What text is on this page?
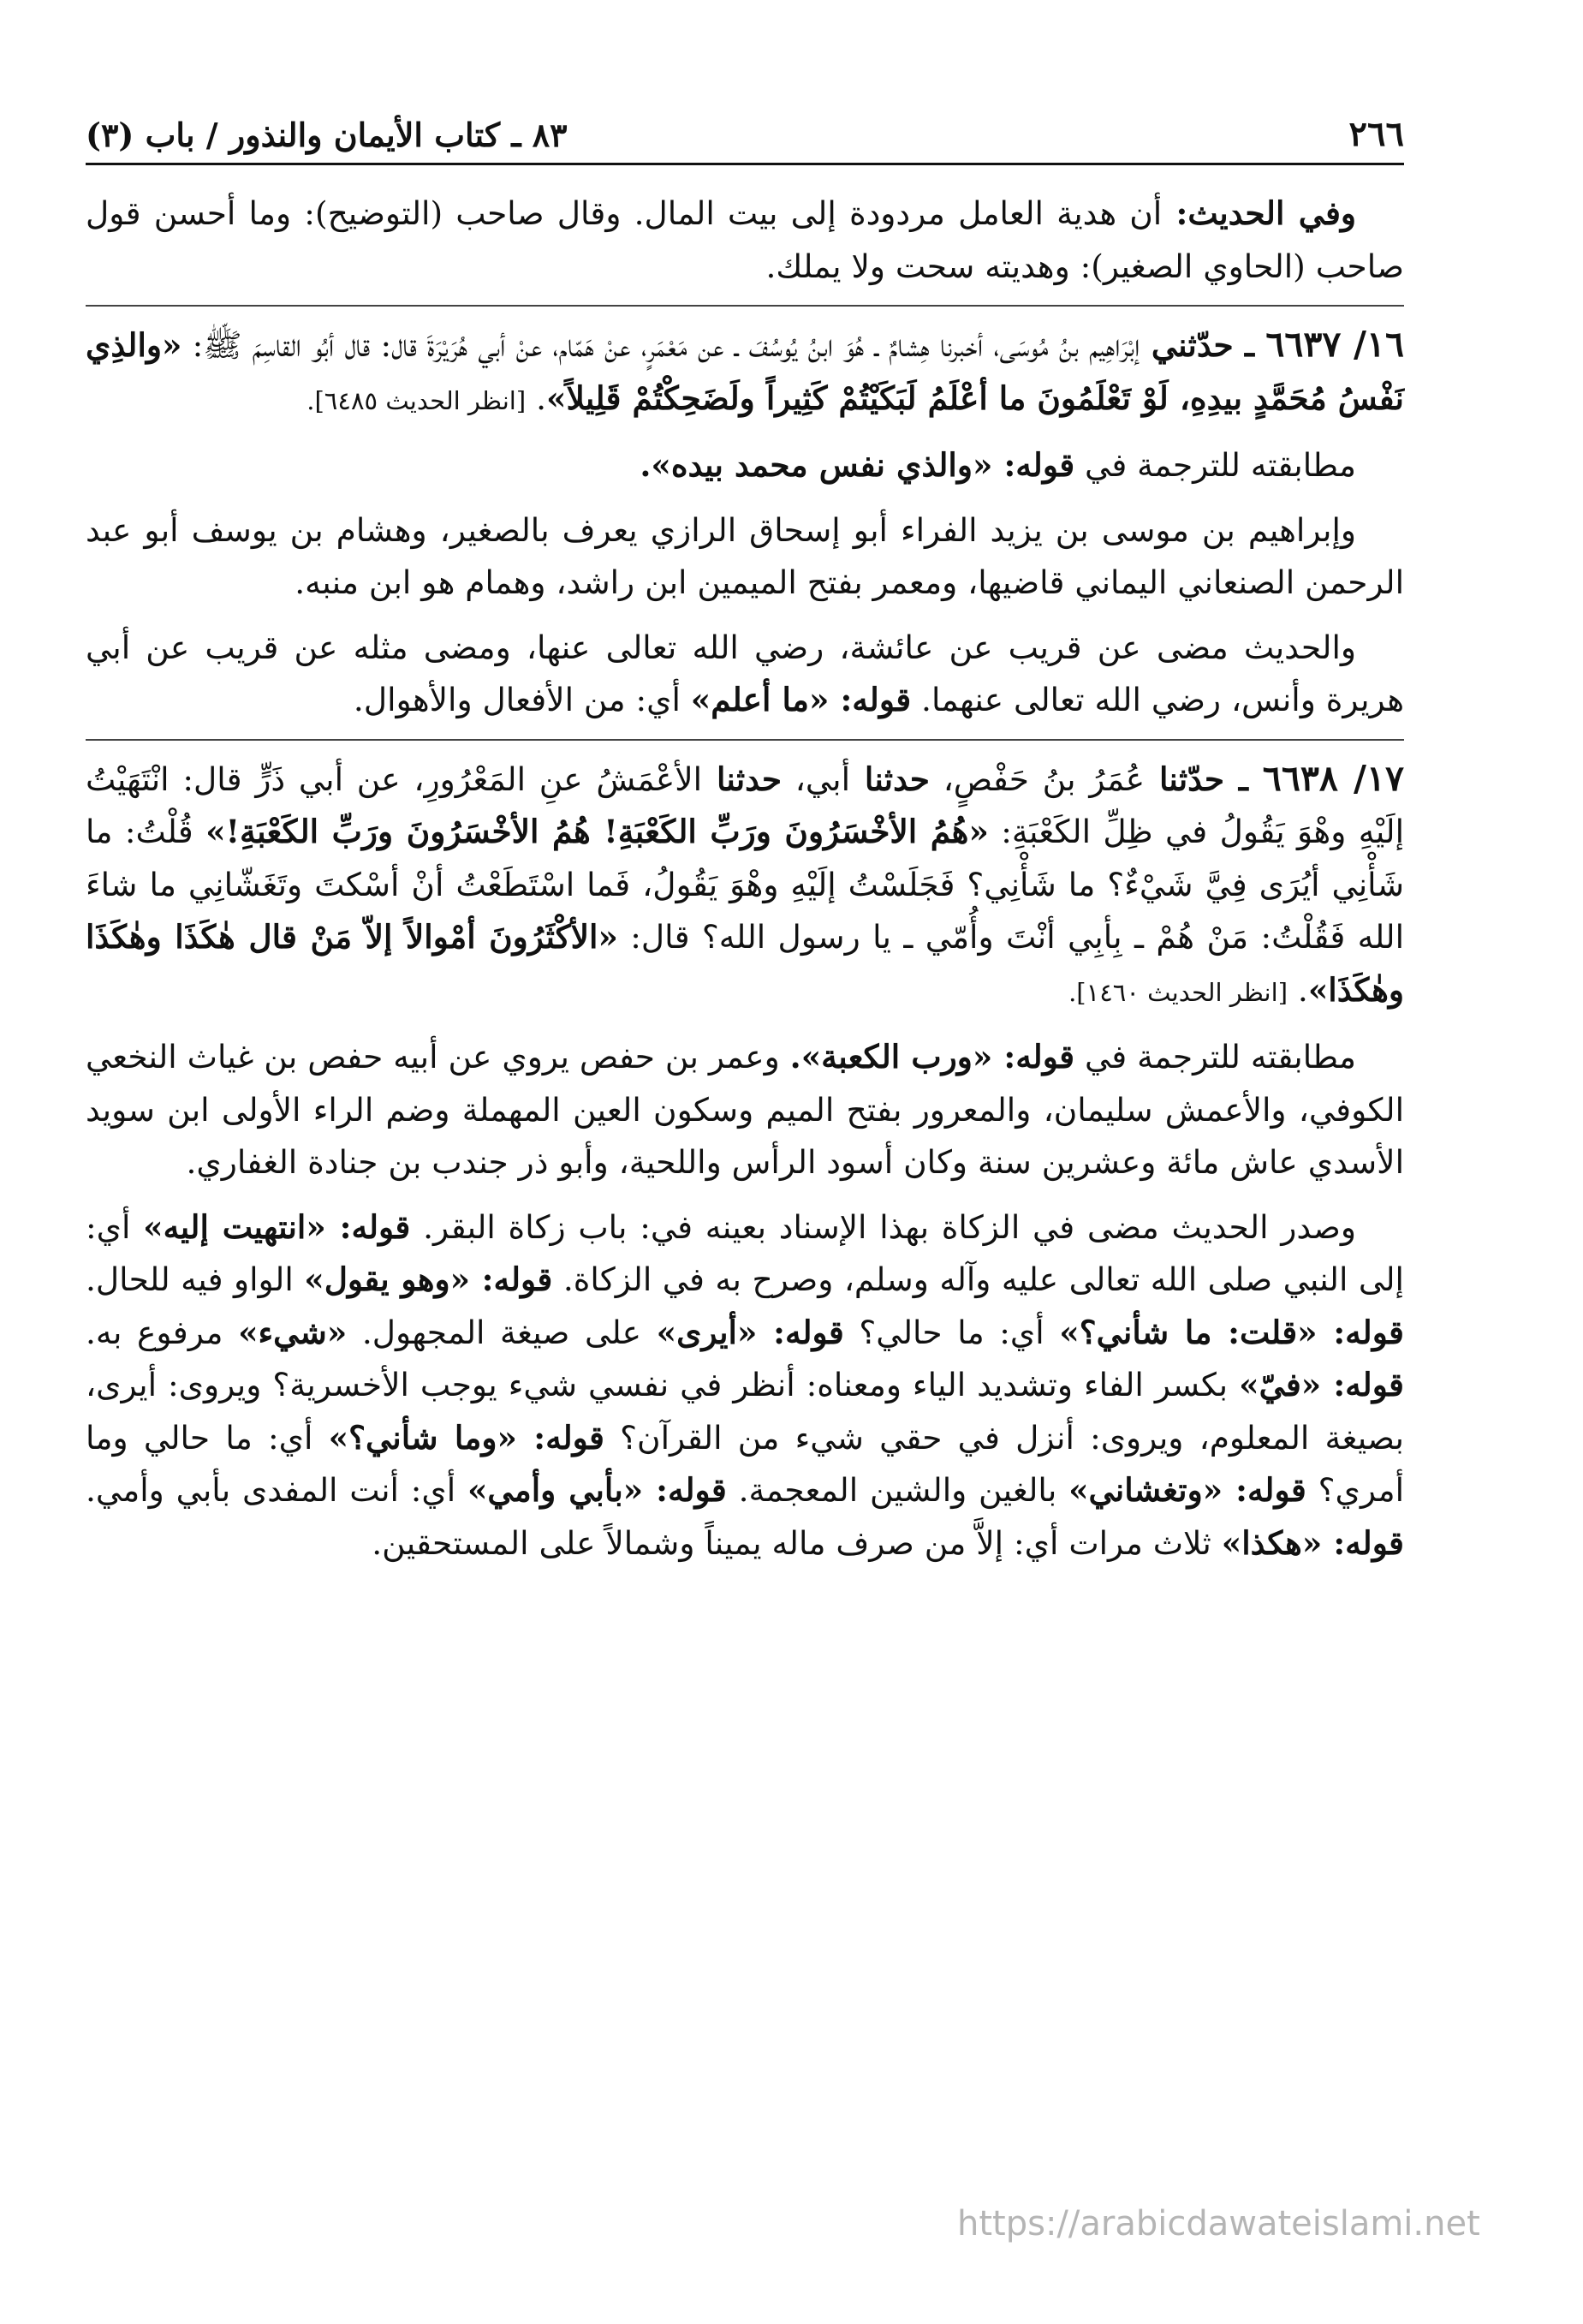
٢٦٦
٨٣ ـ كتاب الأيمان والنذور / باب (٣)

وفي الحديث: أن هدية العامل مردودة إلى بيت المال. وقال صاحب (التوضيح): وما أحسن قول صاحب (الحاوي الصغير): وهديته سحت ولا يملك.

١٦/ ٦٦٣٧ ـ حدّثني إبْرَاهِيم بنُ مُوسَى، أخبرنا هِشامٌ ـ هُوَ ابنُ يُوسُفَ ـ عن مَعْمَرٍ، عنْ هَمّام، عنْ أبي هُرَيْرَةَ قال: قال أبُو القاسِمَ ﷺ: «والذِي نَفْسُ مُحَمَّدٍ بيدِهِ، لَوْ تَعْلَمُونَ ما أعْلَمُ لَبَكَيْتُمْ كَثِيراً ولَضَحِكْتُمْ قَلِيلاً». [انظر الحديث ٦٤٨٥].

مطابقته للترجمة في قوله: «والذي نفس محمد بيده».

وإبراهيم بن موسى بن يزيد الفراء أبو إسحاق الرازي يعرف بالصغير، وهشام بن يوسف أبو عبد الرحمن الصنعاني اليماني قاضيها، ومعمر بفتح الميمين ابن راشد، وهمام هو ابن منبه.

والحديث مضى عن قريب عن عائشة، رضي الله تعالى عنها، ومضى مثله عن قريب عن أبي هريرة وأنس، رضي الله تعالى عنهما. قوله: «ما أعلم» أي: من الأفعال والأهوال.

١٧/ ٦٦٣٨ ـ حدّثنا عُمَرُ بنُ حَفْصٍ، حدثنا أبي، حدثنا الأعْمَشُ عنِ المَعْرُورِ، عن أبي ذَرٍّ قال: انْتَهَيْتُ إلَيْهِ وهْوَ يَقُولُ في ظِلِّ الكَعْبَةِ: «هُمُ الأخْسَرُونَ ورَبِّ الكَعْبَةِ! هُمُ الأخْسَرُونَ ورَبِّ الكَعْبَةِ!» قُلْتُ: ما شَأْنِي أيُرَى فِيَّ شَيْءٌ؟ ما شَأْنِي؟ فَجَلَسْتُ إلَيْهِ وهْوَ يَقُولُ، فَما اسْتَطَعْتُ أنْ أسْكتَ وتَغَشّانِي ما شاءَ الله فَقُلْتُ: مَنْ هُمْ ـ بِأبِي أنْتَ وأُمّي ـ يا رسول الله؟ قال: «الأكْثَرُونَ أمْوالاً إلاّ مَنْ قال هٰكَذَا وهٰكَذَا وهٰكَذَا». [انظر الحديث ١٤٦٠].

مطابقته للترجمة في قوله: «ورب الكعبة». وعمر بن حفص يروي عن أبيه حفص بن غياث النخعي الكوفي، والأعمش سليمان، والمعرور بفتح الميم وسكون العين المهملة وضم الراء الأولى ابن سويد الأسدي عاش مائة وعشرين سنة وكان أسود الرأس واللحية، وأبو ذر جندب بن جنادة الغفاري.

وصدر الحديث مضى في الزكاة بهذا الإسناد بعينه في: باب زكاة البقر. قوله: «انتهيت إليه» أي: إلى النبي صلى الله تعالى عليه وآله وسلم، وصرح به في الزكاة. قوله: «وهو يقول» الواو فيه للحال. قوله: «قلت: ما شأني؟» أي: ما حالي؟ قوله: «أيرى» على صيغة المجهول. «شيء» مرفوع به. قوله: «فيّ» بكسر الفاء وتشديد الياء ومعناه: أنظر في نفسي شيء يوجب الأخسرية؟ ويروى: أيرى، بصيغة المعلوم، ويروى: أنزل في حقي شيء من القرآن؟ قوله: «وما شأني؟» أي: ما حالي وما أمري؟ قوله: «وتغشاني» بالغين والشين المعجمة. قوله: «بأبي وأمي» أي: أنت المفدى بأبي وأمي. قوله: «هكذا» ثلاث مرات أي: إلاَّ من صرف ماله يميناً وشمالاً على المستحقين.

https://arabicdawateislami.net
